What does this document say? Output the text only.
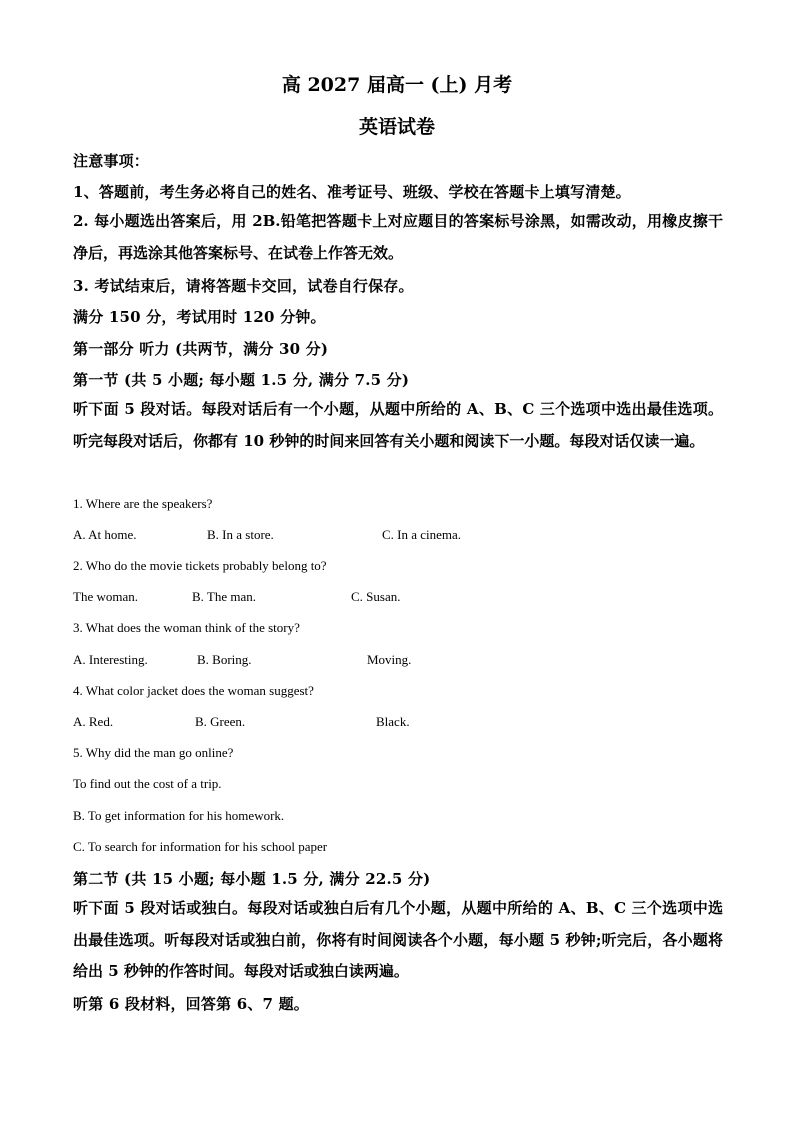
高 2027 届高一 (上) 月考
英语试卷
注意事项：
1、答题前，考生务必将自己的姓名、准考证号、班级、学校在答题卡上填写清楚。
2. 每小题选出答案后，用 2B.铅笔把答题卡上对应题目的答案标号涂黑，如需改动，用橡皮擦干净后，再选涂其他答案标号、在试卷上作答无效。
3. 考试结束后，请将答题卡交回，试卷自行保存。
满分 150 分，考试用时 120 分钟。
第一部分 听力 (共两节，满分 30 分)
第一节 (共 5 小题; 每小题 1.5 分, 满分 7.5 分)
听下面 5 段对话。每段对话后有一个小题，从题中所给的 A、B、C 三个选项中选出最佳选项。听完每段对话后，你都有 10 秒钟的时间来回答有关小题和阅读下一小题。每段对话仅读一遍。
1. Where are the speakers?
A. At home.	B. In a store.	C. In a cinema.
2. Who do the movie tickets probably belong to?
The woman.	B. The man.	C. Susan.
3. What does the woman think of the story?
A. Interesting.	B. Boring.	Moving.
4. What color jacket does the woman suggest?
A. Red.	B. Green.	Black.
5. Why did the man go online?
To find out the cost of a trip.
B. To get information for his homework.
C. To search for information for his school paper
第二节 (共 15 小题; 每小题 1.5 分, 满分 22.5 分)
听下面 5 段对话或独白。每段对话或独白后有几个小题，从题中所给的 A、B、C 三个选项中选出最佳选项。听每段对话或独白前，你将有时间阅读各个小题，每小题 5 秒钟;听完后，各小题将给出 5 秒钟的作答时间。每段对话或独白读两遍。
听第 6 段材料，回答第 6、7 题。
